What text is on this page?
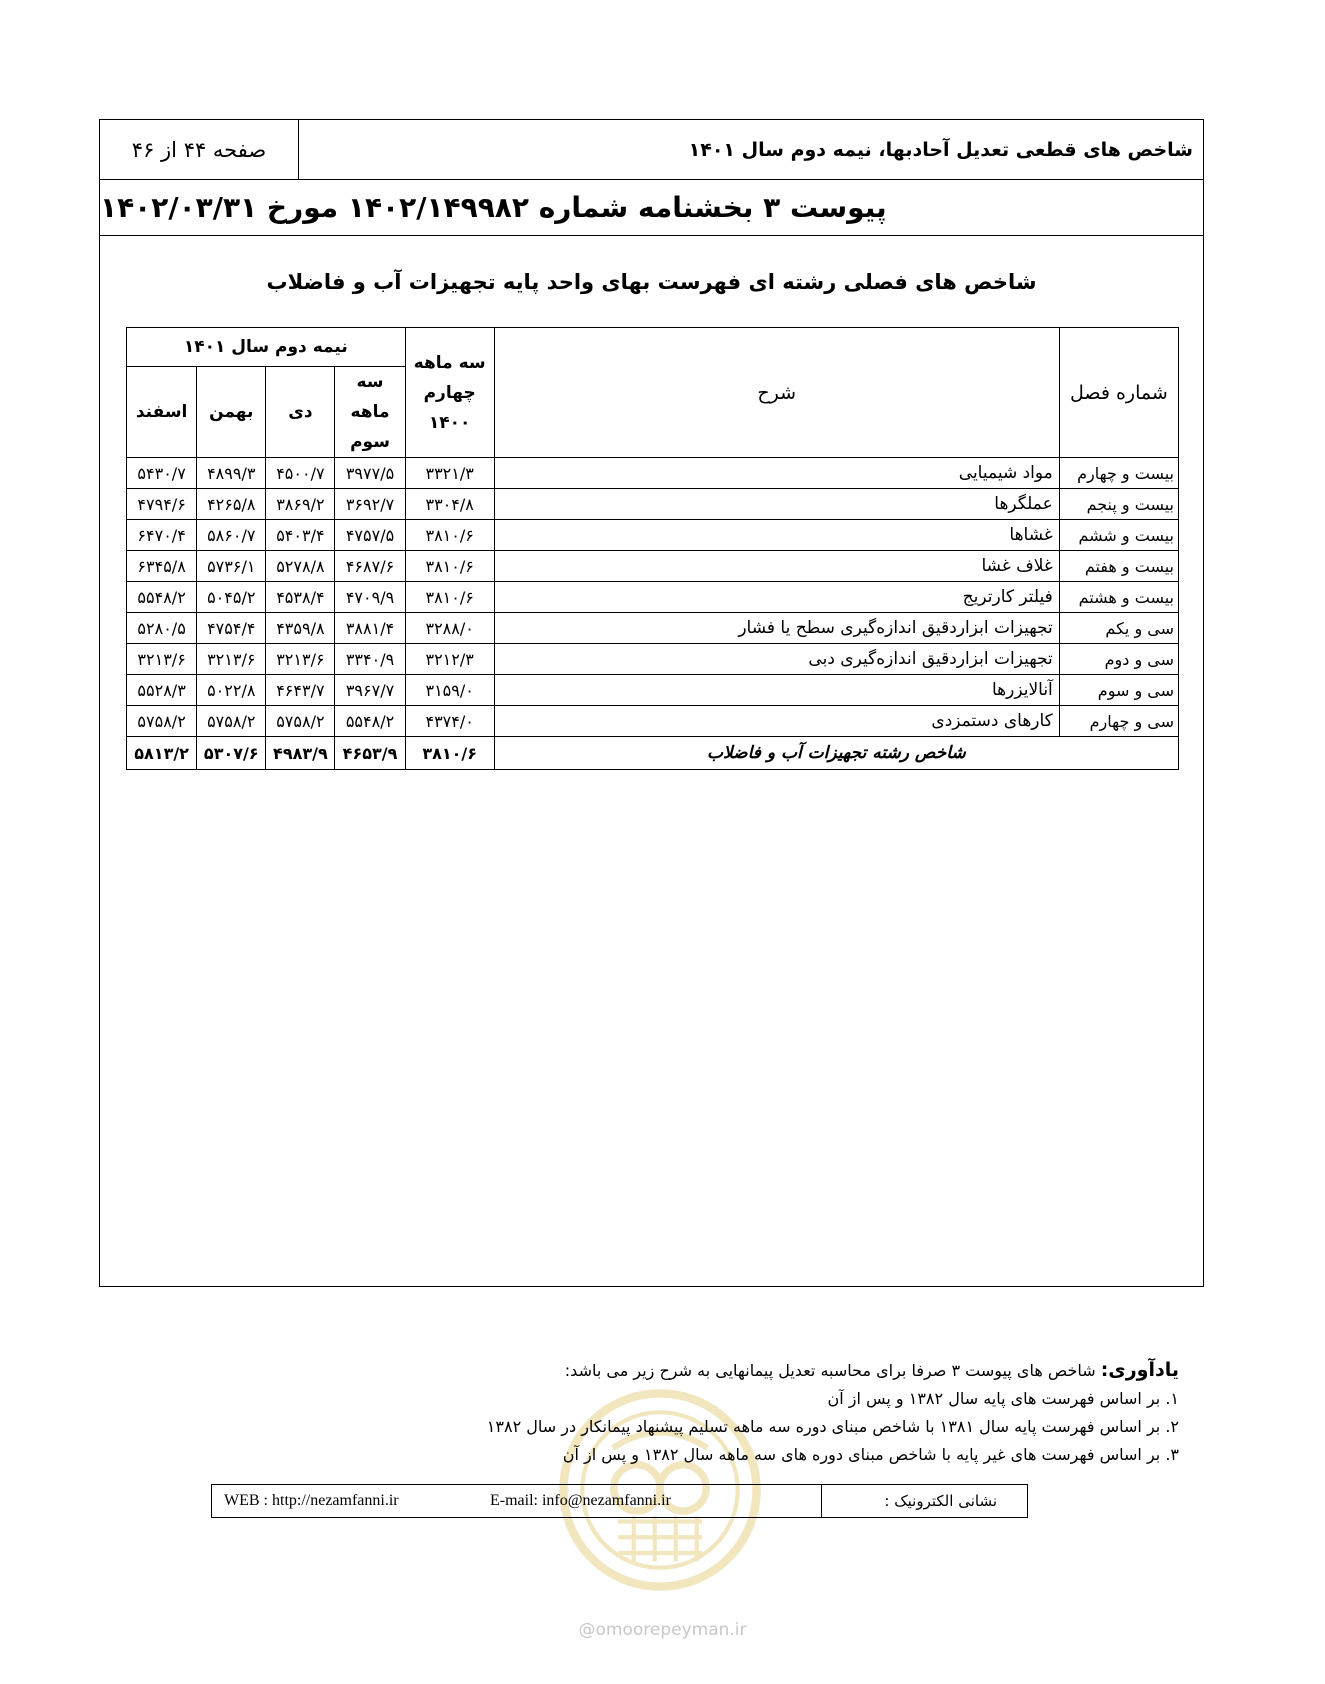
صفحه ۴۴ از ۴۶	شاخص های قطعی تعدیل آحادبها، نیمه دوم سال ۱۴۰۱
پیوست ۳ بخشنامه شماره ۱۴۰۲/۱۴۹۹۸۲ مورخ ۱۴۰۲/۰۳/۳۱
شاخص های فصلی رشته ای فهرست بهای واحد پایه تجهیزات آب و فاضلاب
شماره فصل	شرح	سه ماهه چهارم ۱۴۰۰	نیمه دوم سال ۱۴۰۱			
			سه ماهه سوم	دی	بهمن	اسفند
بیست و چهارم	مواد شیمیایی	۳۳۲۱/۳	۳۹۷۷/۵	۴۵۰۰/۷	۴۸۹۹/۳	۵۴۳۰/۷
بیست و پنجم	عملگرها	۳۳۰۴/۸	۳۶۹۲/۷	۳۸۶۹/۲	۴۲۶۵/۸	۴۷۹۴/۶
بیست و ششم	غشاها	۳۸۱۰/۶	۴۷۵۷/۵	۵۴۰۳/۴	۵۸۶۰/۷	۶۴۷۰/۴
بیست و هفتم	غلاف غشا	۳۸۱۰/۶	۴۶۸۷/۶	۵۲۷۸/۸	۵۷۳۶/۱	۶۳۴۵/۸
بیست و هشتم	فیلتر کارتریج	۳۸۱۰/۶	۴۷۰۹/۹	۴۵۳۸/۴	۵۰۴۵/۲	۵۵۴۸/۲
سی و یکم	تجهیزات ابزاردقیق اندازه‌گیری سطح یا فشار	۳۲۸۸/۰	۳۸۸۱/۴	۴۳۵۹/۸	۴۷۵۴/۴	۵۲۸۰/۵
سی و دوم	تجهیزات ابزاردقیق اندازه‌گیری دبی	۳۲۱۲/۳	۳۳۴۰/۹	۳۲۱۳/۶	۳۲۱۳/۶	۳۲۱۳/۶
سی و سوم	آنالایزرها	۳۱۵۹/۰	۳۹۶۷/۷	۴۶۴۳/۷	۵۰۲۲/۸	۵۵۲۸/۳
سی و چهارم	کارهای دستمزدی	۴۳۷۴/۰	۵۵۴۸/۲	۵۷۵۸/۲	۵۷۵۸/۲	۵۷۵۸/۲
شاخص رشته تجهیزات آب و فاضلاب		۳۸۱۰/۶	۴۶۵۳/۹	۴۹۸۳/۹	۵۳۰۷/۶	۵۸۱۳/۲
یادآوری: شاخص های پیوست ۳ صرفا برای محاسبه تعدیل پیمانهایی به شرح زیر می باشد:
۱. بر اساس فهرست های پایه سال ۱۳۸۲ و پس از آن
۲. بر اساس فهرست پایه سال ۱۳۸۱ با شاخص مبنای دوره سه ماهه تسلیم پیشنهاد پیمانکار در سال ۱۳۸۲
۳. بر اساس فهرست های غیر پایه با شاخص مبنای دوره های سه ماهه سال ۱۳۸۲ و پس از آن
WEB : http://nezamfanni.ir	E-mail: info@nezamfanni.ir	نشانی الکترونیک :
@omoorepeyman.ir
